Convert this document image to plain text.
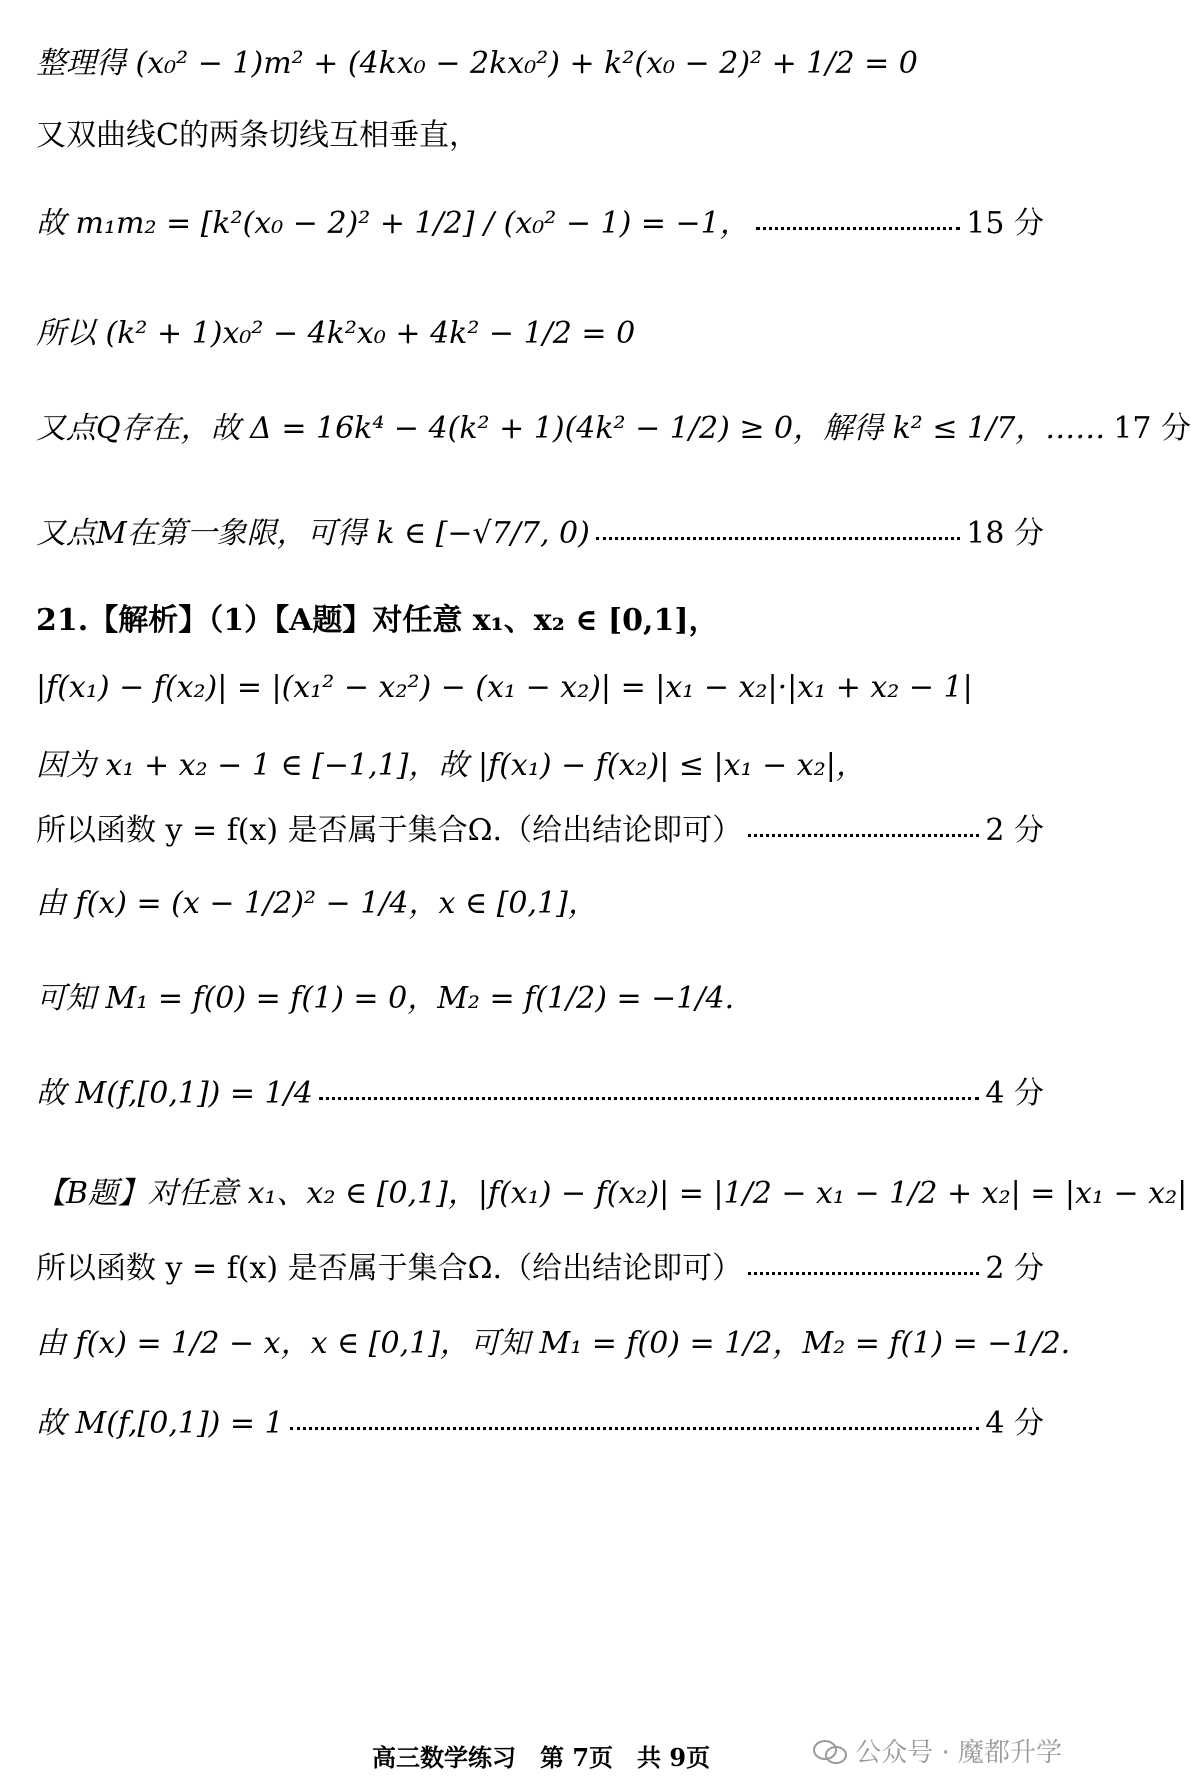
整理得 (x₀² − 1)m² + (4kx₀ − 2kx₀²) + k²(x₀ − 2)² + 1/2 = 0
又双曲线C的两条切线互相垂直，
故 m₁m₂ = [k²(x₀ − 2)² + 1/2] / (x₀² − 1) = −1，	15 分
所以 (k² + 1)x₀² − 4k²x₀ + 4k² − 1/2 = 0
又点Q存在，故 Δ = 16k⁴ − 4(k² + 1)(4k² − 1/2) ≥ 0，解得 k² ≤ 1/7，…… 17 分
又点M在第一象限，可得 k ∈ [−√7/7, 0)	18 分
21.【解析】（1）【A题】对任意 x₁、x₂ ∈ [0,1]，
|f(x₁) − f(x₂)| = |(x₁² − x₂²) − (x₁ − x₂)| = |x₁ − x₂|·|x₁ + x₂ − 1|
因为 x₁ + x₂ − 1 ∈ [−1,1]，故 |f(x₁) − f(x₂)| ≤ |x₁ − x₂|，
所以函数 y = f(x) 是否属于集合Ω.（给出结论即可）	2 分
由 f(x) = (x − 1/2)² − 1/4，x ∈ [0,1]，
可知 M₁ = f(0) = f(1) = 0，M₂ = f(1/2) = −1/4.
故 M(f,[0,1]) = 1/4	4 分
【B题】对任意 x₁、x₂ ∈ [0,1]，|f(x₁) − f(x₂)| = |1/2 − x₁ − 1/2 + x₂| = |x₁ − x₂|
所以函数 y = f(x) 是否属于集合Ω.（给出结论即可）	2 分
由 f(x) = 1/2 − x，x ∈ [0,1]，可知 M₁ = f(0) = 1/2，M₂ = f(1) = −1/2.
故 M(f,[0,1]) = 1	4 分
高三数学练习　第 7页　共 9页	公众号 · 魔都升学
